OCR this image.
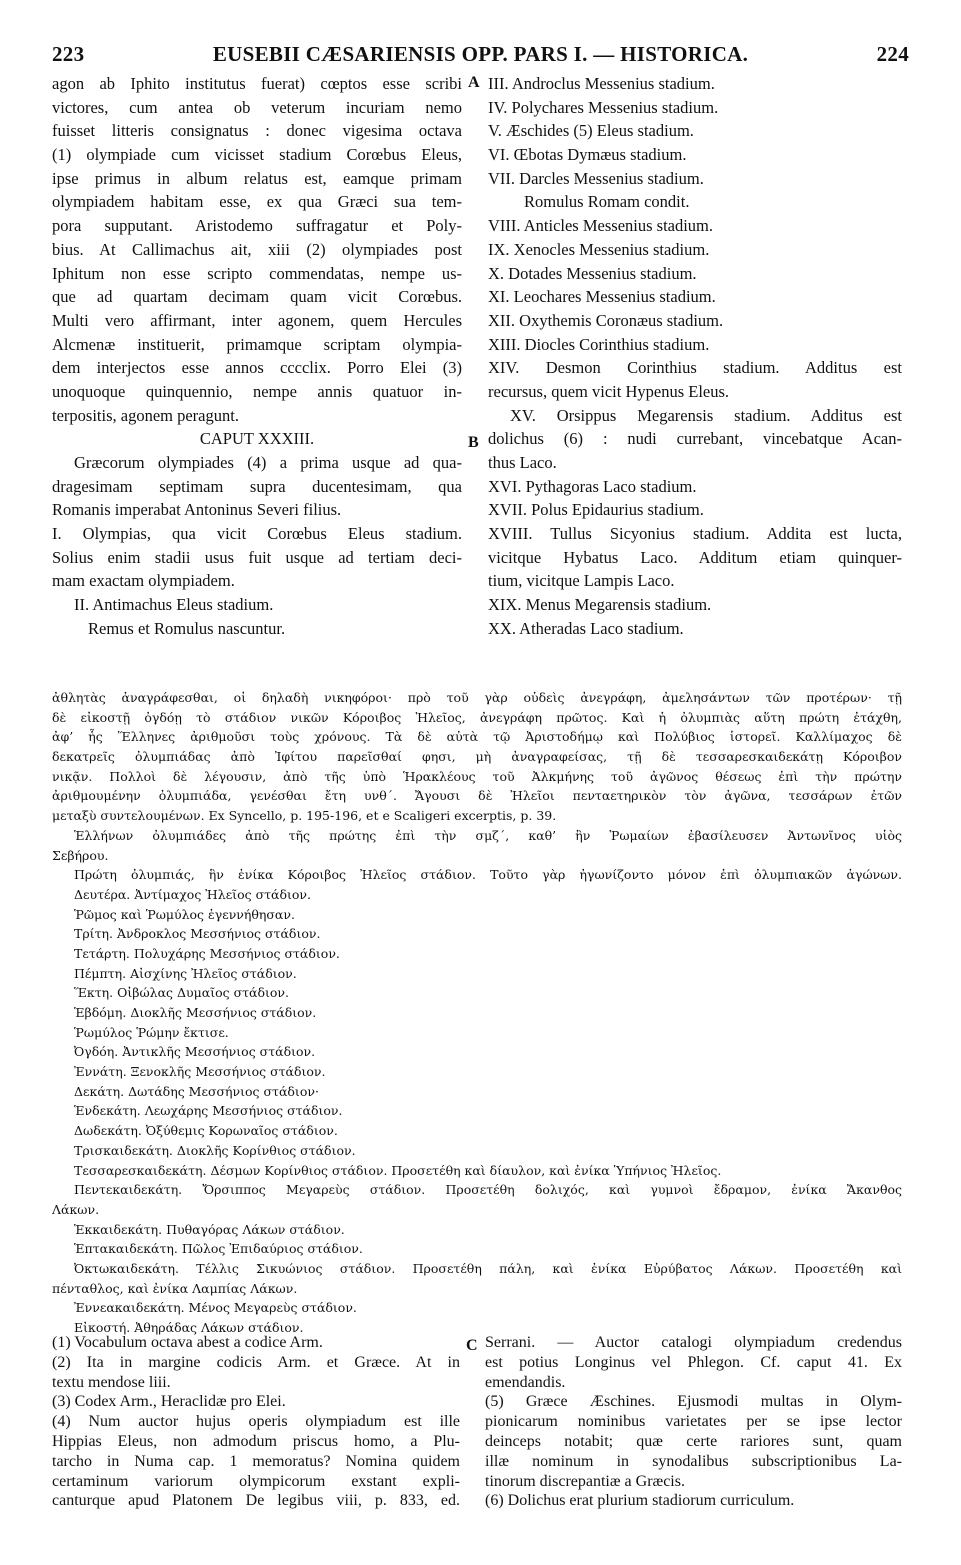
223	EUSEBII CÆSARIENSIS OPP. PARS I. — HISTORICA.	224
A
B
C
agon ab Iphito institutus fuerat) cœptos esse scribi
victores, cum antea ob veterum incuriam nemo
fuisset litteris consignatus : donec vigesima octava
(1) olympiade cum vicisset stadium Corœbus Eleus,
ipse primus in album relatus est, eamque primam
olympiadem habitam esse, ex qua Græci sua tem-
pora supputant. Aristodemo suffragatur et Poly-
bius. At Callimachus ait, xiii (2) olympiades post
Iphitum non esse scripto commendatas, nempe us-
que ad quartam decimam quam vicit Corœbus.
Multi vero affirmant, inter agonem, quem Hercules
Alcmenæ instituerit, primamque scriptam olympia-
dem interjectos esse annos cccclix. Porro Elei (3)
unoquoque quinquennio, nempe annis quatuor in-
terpositis, agonem peragunt.
CAPUT XXXIII.
Græcorum olympiades (4) a prima usque ad qua-
dragesimam septimam supra ducentesimam, qua
Romanis imperabat Antoninus Severi filius.
I. Olympias, qua vicit Corœbus Eleus stadium.
Solius enim stadii usus fuit usque ad tertiam deci-
mam exactam olympiadem.
II. Antimachus Eleus stadium.
Remus et Romulus nascuntur.
III. Androclus Messenius stadium.
IV. Polychares Messenius stadium.
V. Æschides (5) Eleus stadium.
VI. Œbotas Dymæus stadium.
VII. Darcles Messenius stadium.
Romulus Romam condit.
VIII. Anticles Messenius stadium.
IX. Xenocles Messenius stadium.
X. Dotades Messenius stadium.
XI. Leochares Messenius stadium.
XII. Oxythemis Coronæus stadium.
XIII. Diocles Corinthius stadium.
XIV. Desmon Corinthius stadium. Additus est
recursus, quem vicit Hypenus Eleus.
XV. Orsippus Megarensis stadium. Additus est
dolichus (6) : nudi currebant, vincebatque Acan-
thus Laco.
XVI. Pythagoras Laco stadium.
XVII. Polus Epidaurius stadium.
XVIII. Tullus Sicyonius stadium. Addita est lucta,
vicitque Hybatus Laco. Additum etiam quinquer-
tium, vicitque Lampis Laco.
XIX. Menus Megarensis stadium.
XX. Atheradas Laco stadium.
ἀθλητὰς ἀναγράφεσθαι, οἱ δηλαδὴ νικηφόροι· πρὸ τοῦ γὰρ οὐδεὶς ἀνεγράφη, ἀμελησάντων τῶν προτέρων· τῇ
δὲ εἰκοστῇ ὀγδόῃ τὸ στάδιον νικῶν Κόροιβος Ἠλεῖος, ἀνεγράφη πρῶτος. Καὶ ἡ ὀλυμπιὰς αὕτη πρώτη ἐτάχθη,
ἀφ’ ἧς Ἕλληνες ἀριθμοῦσι τοὺς χρόνους. Τὰ δὲ αὐτὰ τῷ Ἀριστοδήμῳ καὶ Πολύβιος ἱστορεῖ. Καλλίμαχος δὲ
δεκατρεῖς ὀλυμπιάδας ἀπὸ Ἰφίτου παρεῖσθαί φησι, μὴ ἀναγραφείσας, τῇ δὲ τεσσαρεσκαιδεκάτῃ Κόροιβον
νικᾷν. Πολλοὶ δὲ λέγουσιν, ἀπὸ τῆς ὑπὸ Ἡρακλέους τοῦ Ἀλκμήνης τοῦ ἀγῶνος θέσεως ἐπὶ τὴν πρώτην
ἀριθμουμένην ὀλυμπιάδα, γενέσθαι ἔτη υνθ´. Ἄγουσι δὲ Ἠλεῖοι πενταετηρικὸν τὸν ἀγῶνα, τεσσάρων ἐτῶν
μεταξὺ συντελουμένων. Ex Syncello, p. 195-196, et e Scaligeri excerptis, p. 39.
Ἑλλήνων ὀλυμπιάδες ἀπὸ τῆς πρώτης ἐπὶ τὴν σμζ´, καθ’ ἣν Ῥωμαίων ἐβασίλευσεν Ἀντωνῖνος υἱὸς
Σεβήρου.
Πρώτη ὀλυμπιάς, ἣν ἐνίκα Κόροιβος Ἠλεῖος στάδιον. Τοῦτο γὰρ ἠγωνίζοντο μόνον ἐπὶ ὀλυμπιακῶν ἀγώνων.
Δευτέρα. Ἀντίμαχος Ἠλεῖος στάδιον.
Ῥῶμος καὶ Ῥωμύλος ἐγεννήθησαν.
Τρίτη. Ἀνδροκλος Μεσσήνιος στάδιον.
Τετάρτη. Πολυχάρης Μεσσήνιος στάδιον.
Πέμπτη. Αἰσχίνης Ἠλεῖος στάδιον.
Ἕκτη. Οἰβώλας Δυμαῖος στάδιον.
Ἑβδόμη. Διοκλῆς Μεσσήνιος στάδιον.
Ῥωμύλος Ῥώμην ἔκτισε.
Ὀγδόη. Ἀντικλῆς Μεσσήνιος στάδιον.
Ἐννάτη. Ξενοκλῆς Μεσσήνιος στάδιον.
Δεκάτη. Δωτάδης Μεσσήνιος στάδιον·
Ἑνδεκάτη. Λεωχάρης Μεσσήνιος στάδιον.
Δωδεκάτη. Ὀξύθεμις Κορωναῖος στάδιον.
Τρισκαιδεκάτη. Διοκλῆς Κορίνθιος στάδιον.
Τεσσαρεσκαιδεκάτη. Δέσμων Κορίνθιος στάδιον. Προσετέθη καὶ δίαυλον, καὶ ἐνίκα Ὑπήνιος Ἠλεῖος.
Πεντεκαιδεκάτη. Ὄρσιππος Μεγαρεὺς στάδιον. Προσετέθη δολιχός, καὶ γυμνοὶ ἔδραμον, ἐνίκα Ἄκανθος
Λάκων.
Ἑκκαιδεκάτη. Πυθαγόρας Λάκων στάδιον.
Ἑπτακαιδεκάτη. Πῶλος Ἐπιδαύριος στάδιον.
Ὀκτωκαιδεκάτη. Τέλλις Σικυώνιος στάδιον. Προσετέθη πάλη, καὶ ἐνίκα Εὐρύβατος Λάκων. Προσετέθη καὶ
πένταθλος, καὶ ἐνίκα Λαμπίας Λάκων.
Ἐννεακαιδεκάτη. Μένος Μεγαρεὺς στάδιον.
Εἰκοστή. Ἀθηράδας Λάκων στάδιον.
(1) Vocabulum octava abest a codice Arm.
(2) Ita in margine codicis Arm. et Græce. At in
textu mendose liii.
(3) Codex Arm., Heraclidæ pro Elei.
(4) Num auctor hujus operis olympiadum est ille
Hippias Eleus, non admodum priscus homo, a Plu-
tarcho in Numa cap. 1 memoratus? Nomina quidem
certaminum variorum olympicorum exstant expli-
canturque apud Platonem De legibus viii, p. 833, ed.
Serrani. — Auctor catalogi olympiadum credendus
est potius Longinus vel Phlegon. Cf. caput 41. Ex
emendandis.
(5) Græce Æschines. Ejusmodi multas in Olym-
pionicarum nominibus varietates per se ipse lector
deinceps notabit; quæ certe rariores sunt, quam
illæ nominum in synodalibus subscriptionibus La-
tinorum discrepantiæ a Græcis.
(6) Dolichus erat plurium stadiorum curriculum.
